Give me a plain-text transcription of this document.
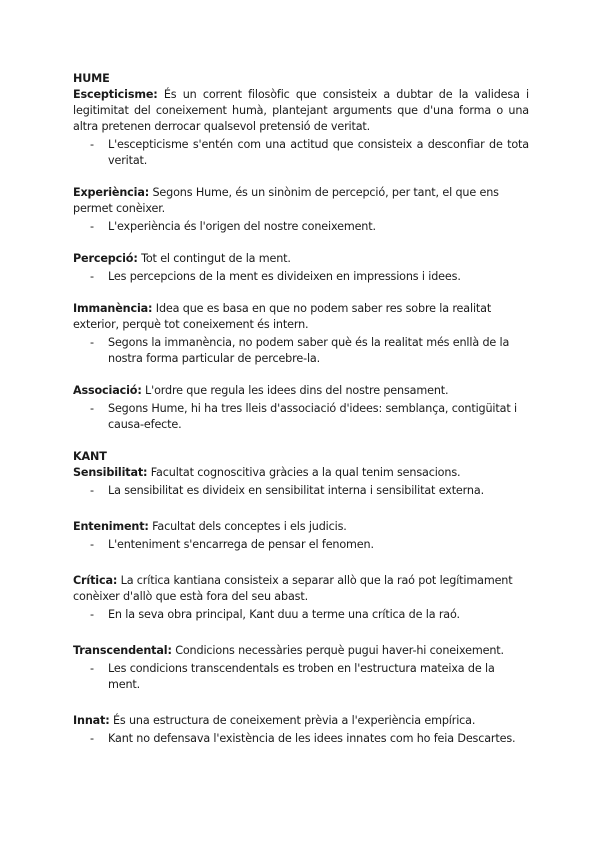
HUME

Escepticisme: És un corrent filosòfic que consisteix a dubtar de la validesa i legitimitat del coneixement humà, plantejant arguments que d'una forma o una altra pretenen derrocar qualsevol pretensió de veritat.

- L'escepticisme s'entén com una actitud que consisteix a desconfiar de tota veritat.

Experiència: Segons Hume, és un sinònim de percepció, per tant, el que ens permet conèixer.

- L'experiència és l'origen del nostre coneixement.

Percepció: Tot el contingut de la ment.

- Les percepcions de la ment es divideixen en impressions i idees.

Immanència: Idea que es basa en que no podem saber res sobre la realitat exterior, perquè tot coneixement és intern.

- Segons la immanència, no podem saber què és la realitat més enllà de la nostra forma particular de percebre-la.

Associació: L'ordre que regula les idees dins del nostre pensament.

- Segons Hume, hi ha tres lleis d'associació d'idees: semblança, contigüitat i causa-efecte.

KANT

Sensibilitat: Facultat cognoscitiva gràcies a la qual tenim sensacions.

- La sensibilitat es divideix en sensibilitat interna i sensibilitat externa.

Enteniment: Facultat dels conceptes i els judicis.

- L'enteniment s'encarrega de pensar el fenomen.

Crítica: La crítica kantiana consisteix a separar allò que la raó pot legítimament conèixer d'allò que està fora del seu abast.

- En la seva obra principal, Kant duu a terme una crítica de la raó.

Transcendental: Condicions necessàries perquè pugui haver-hi coneixement.

- Les condicions transcendentals es troben en l'estructura mateixa de la ment.

Innat: És una estructura de coneixement prèvia a l'experiència empírica.

- Kant no defensava l'existència de les idees innates com ho feia Descartes.
